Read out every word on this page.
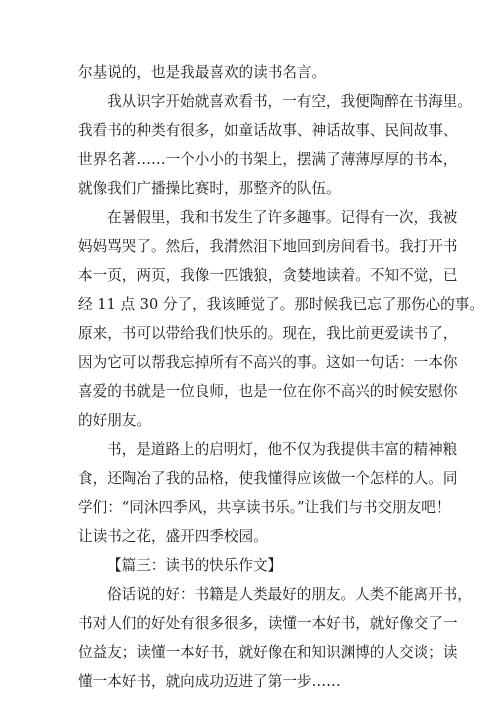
尔基说的，也是我最喜欢的读书名言。

我从识字开始就喜欢看书，一有空，我便陶醉在书海里。
我看书的种类有很多，如童话故事、神话故事、民间故事、
世界名著……一个小小的书架上，摆满了薄薄厚厚的书本，
就像我们广播操比赛时，那整齐的队伍。

在暑假里，我和书发生了许多趣事。记得有一次，我被
妈妈骂哭了。然后，我潸然泪下地回到房间看书。我打开书
本一页，两页，我像一匹饿狼，贪婪地读着。不知不觉，已
经 11 点 30 分了，我该睡觉了。那时候我已忘了那伤心的事。
原来，书可以带给我们快乐的。现在，我比前更爱读书了，
因为它可以帮我忘掉所有不高兴的事。这如一句话：一本你
喜爱的书就是一位良师，也是一位在你不高兴的时候安慰你
的好朋友。

书，是道路上的启明灯，他不仅为我提供丰富的精神粮
食，还陶冶了我的品格，使我懂得应该做一个怎样的人。同
学们：“同沐四季风，共享读书乐。”让我们与书交朋友吧！
让读书之花，盛开四季校园。

【篇三：读书的快乐作文】

俗话说的好：书籍是人类最好的朋友。人类不能离开书，
书对人们的好处有很多很多，读懂一本好书，就好像交了一
位益友；读懂一本好书，就好像在和知识渊博的人交谈；读
懂一本好书，就向成功迈进了第一步……
